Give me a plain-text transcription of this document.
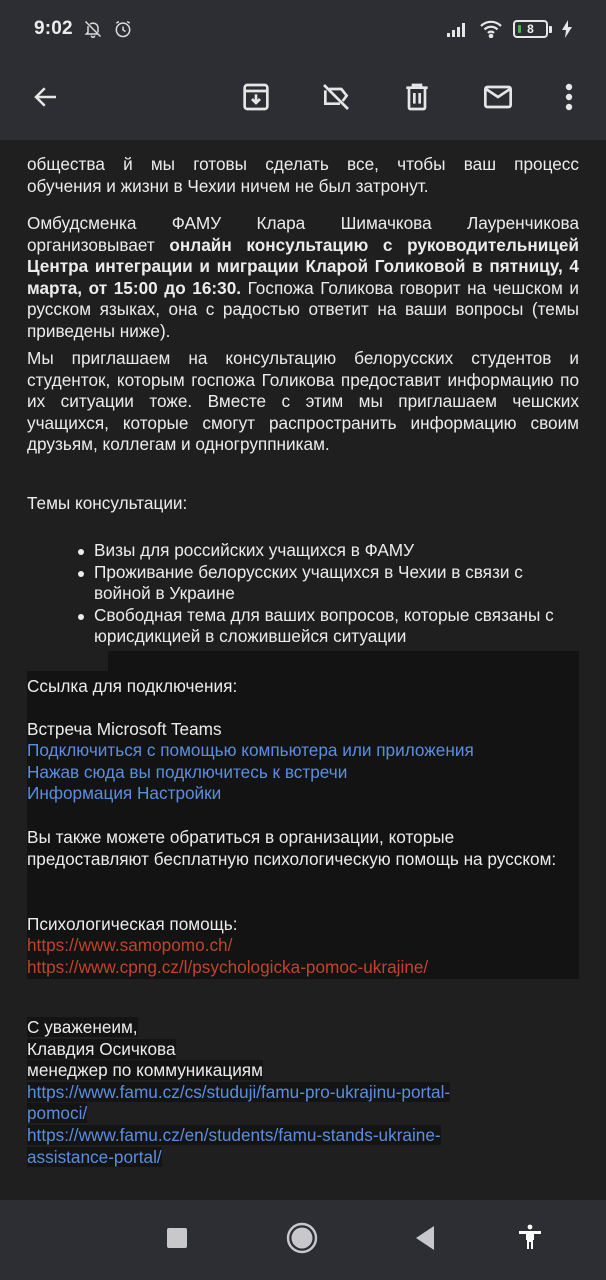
9:02	8
общества й мы готовы сделать все, чтобы ваш процесс
обучения и жизни в Чехии ничем не был затронут.
Омбудсменка ФАМУ Клара Шимачкова Лауренчикова организовывает онлайн консультацию с руководительницей Центра интеграции и миграции Кларой Голиковой в пятницу, 4 марта, от 15:00 до 16:30. Госпожа Голикова говорит на чешском и русском языках, она с радостью ответит на ваши вопросы (темы приведены ниже).
Мы приглашаем на консультацию белорусских студентов и студенток, которым госпожа Голикова предоставит информацию по их ситуации тоже. Вместе с этим мы приглашаем чешских учащихся, которые смогут распространить информацию своим друзьям, коллегам и одногруппникам.
Темы консультации:
Визы для российских учащихся в ФАМУ
Проживание белорусских учащихся в Чехии в связи с войной в Украине
Свободная тема для ваших вопросов, которые связаны с юрисдикцией в сложившейся ситуации
Ссылка для подключения:
Встреча Microsoft Teams
Подключиться с помощью компьютера или приложения
Нажав сюда вы подключитесь к встречи
Информация Настройки
Вы также можете обратиться в организации, которые предоставляют бесплатную психологическую помощь на русском:
Психологическая помощь:
https://www.samopomo.ch/
https://www.cpng.cz/l/psychologicka-pomoc-ukrajine/
С уваженеим,
Клавдия Осичкова
менеджер по коммуникациям
https://www.famu.cz/cs/studuji/famu-pro-ukrajinu-portal-
pomoci/
https://www.famu.cz/en/students/famu-stands-ukraine-
assistance-portal/
